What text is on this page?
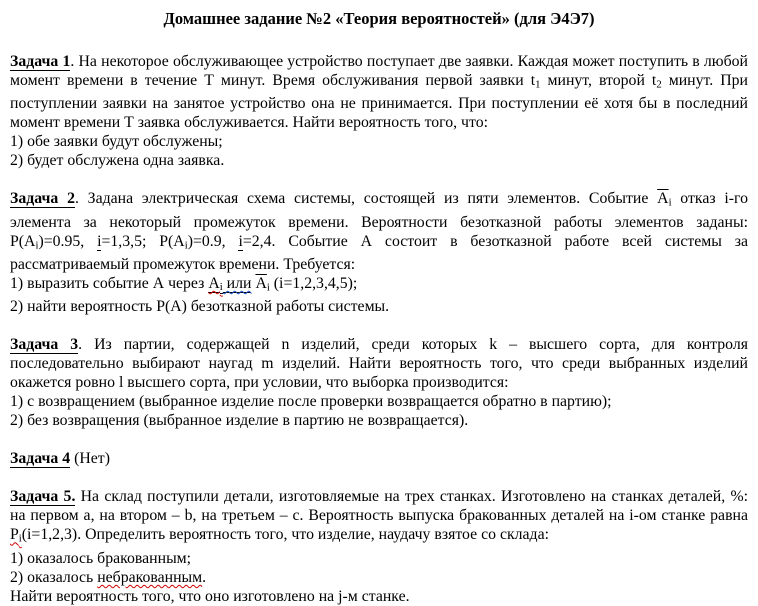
Домашнее задание №2 «Теория вероятностей» (для Э4Э7)

Задача 1. На некоторое обслуживающее устройство поступает две заявки. Каждая может поступить в любой момент времени в течение Т минут. Время обслуживания первой заявки $t_1$ минут, второй $t_2$ минут. При поступлении заявки на занятое устройство она не принимается. При поступлении её хотя бы в последний момент времени Т заявка обслуживается. Найти вероятность того, что:

1) обе заявки будут обслужены;

2) будет обслужена одна заявка.

Задача 2. Задана электрическая схема системы, состоящей из пяти элементов. Событие $\overline{A}_i$ отказ i-го элемента за некоторый промежуток времени. Вероятности безотказной работы элементов заданы: $P(A_i)=0.95$, i=1,3,5; $P(A_i)=0.9$, i=2,4. Событие А состоит в безотказной работе всей системы за рассматриваемый промежуток времени. Требуется:

1) выразить событие А через $A_i$ или $\overline{A}_i$ (i=1,2,3,4,5);

2) найти вероятность Р(А) безотказной работы системы.

Задача 3. Из партии, содержащей n изделий, среди которых k – высшего сорта, для контроля последовательно выбирают наугад m изделий. Найти вероятность того, что среди выбранных изделий окажется ровно l высшего сорта, при условии, что выборка производится:

1) с возвращением (выбранное изделие после проверки возвращается обратно в партию);

2) без возвращения (выбранное изделие в партию не возвращается).

Задача 4 (Нет)

Задача 5. На склад поступили детали, изготовляемые на трех станках. Изготовлено на станках деталей, %: на первом a, на втором – b, на третьем – c. Вероятность выпуска бракованных деталей на i-ом станке равна $P_i(i=1,2,3)$. Определить вероятность того, что изделие, наудачу взятое со склада:

1) оказалось бракованным;

2) оказалось небракованным.

Найти вероятность того, что оно изготовлено на j-м станке.
